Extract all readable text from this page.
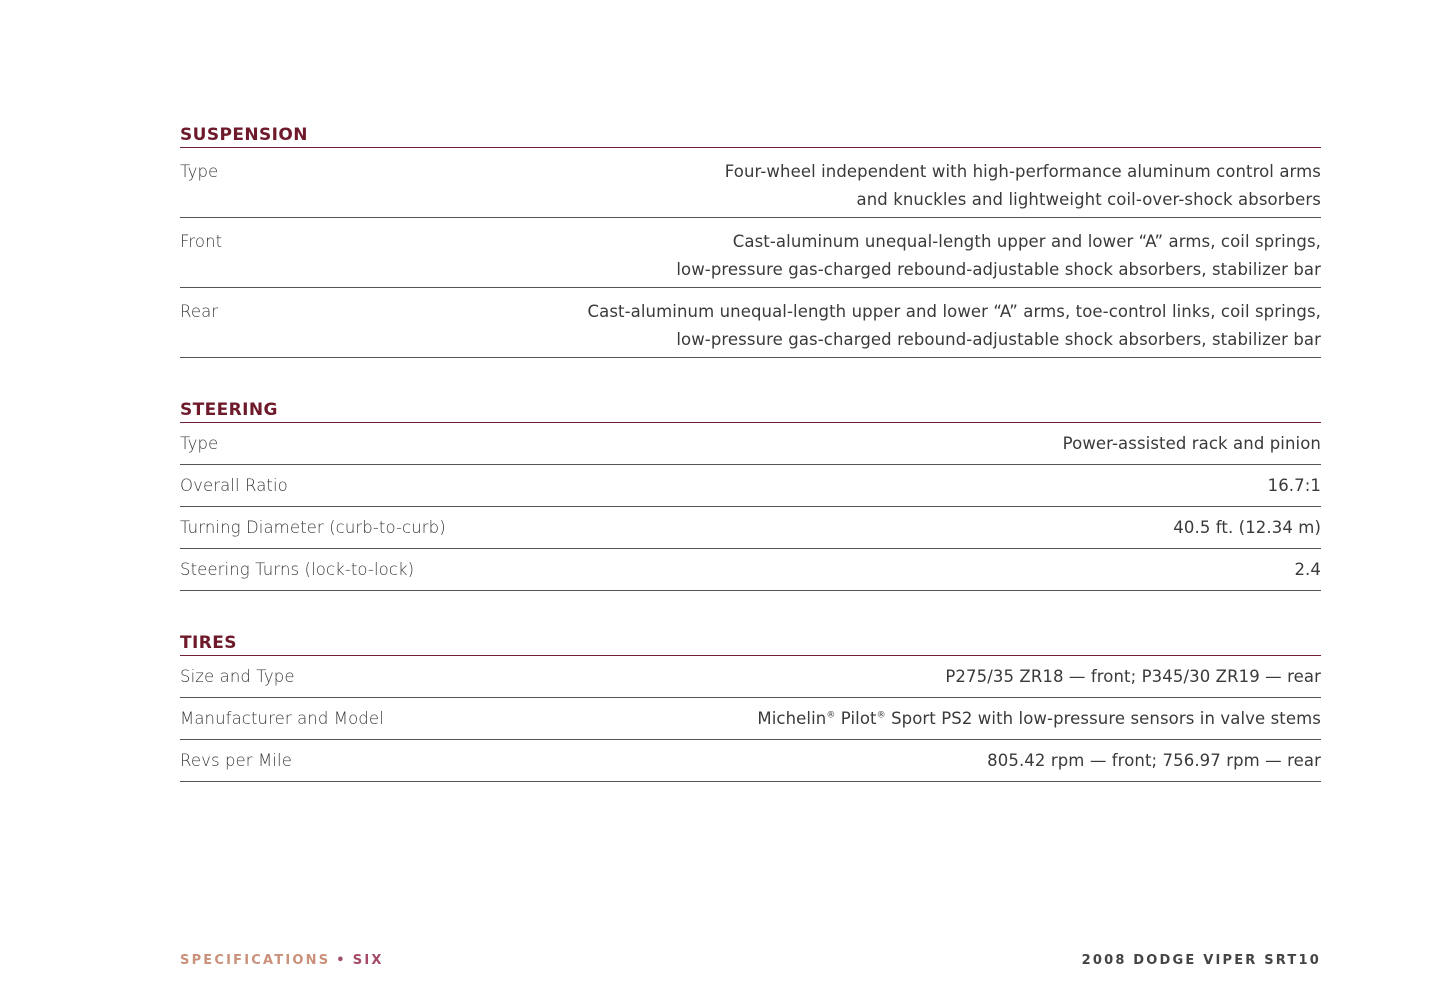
SUSPENSION
Type	Four-wheel independent with high-performance aluminum control arms
and knuckles and lightweight coil-over-shock absorbers
Front	Cast-aluminum unequal-length upper and lower “A” arms, coil springs,
low-pressure gas-charged rebound-adjustable shock absorbers, stabilizer bar
Rear	Cast-aluminum unequal-length upper and lower “A” arms, toe-control links, coil springs,
low-pressure gas-charged rebound-adjustable shock absorbers, stabilizer bar
STEERING
Type	Power-assisted rack and pinion
Overall Ratio	16.7:1
Turning Diameter (curb-to-curb)	40.5 ft. (12.34 m)
Steering Turns (lock-to-lock)	2.4
TIRES
Size and Type	P275/35 ZR18 — front; P345/30 ZR19 — rear
Manufacturer and Model	Michelin® Pilot® Sport PS2 with low-pressure sensors in valve stems
Revs per Mile	805.42 rpm — front; 756.97 rpm — rear
SPECIFICATIONS • SIX	2008 DODGE VIPER SRT10
